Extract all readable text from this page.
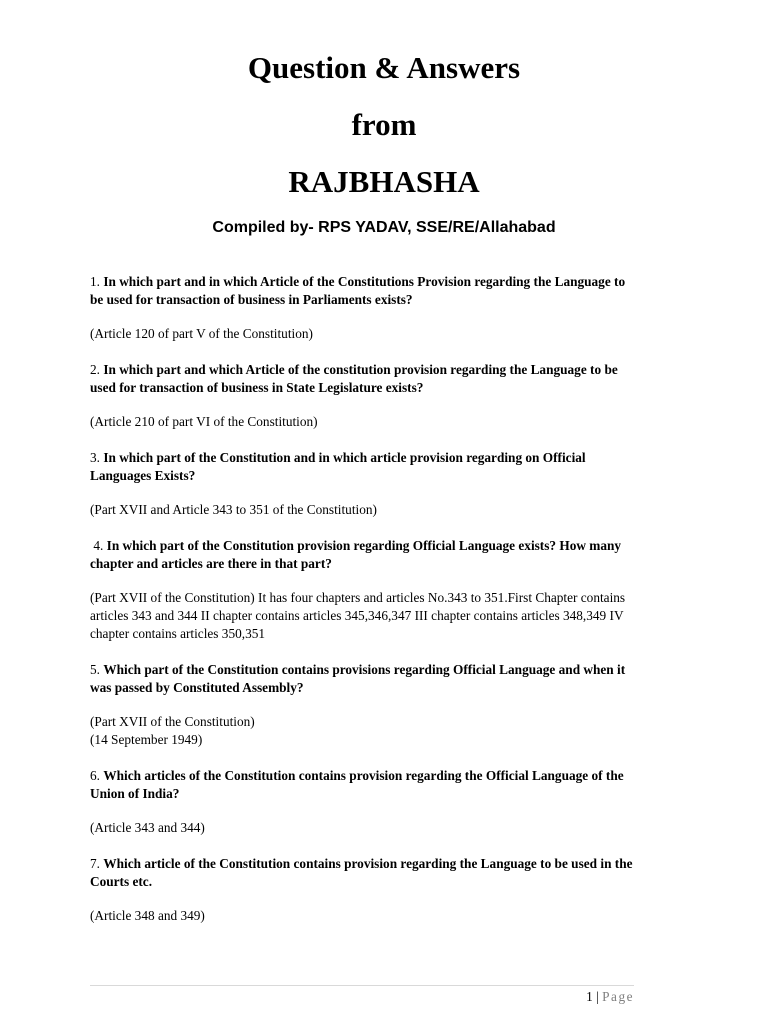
Question & Answers
from
RAJBHASHA

Compiled by- RPS YADAV, SSE/RE/Allahabad

1. In which part and in which Article of the Constitutions Provision regarding the Language to be used for transaction of business in Parliaments exists?

(Article 120 of part V of the Constitution)

2. In which part and which Article of the constitution provision regarding the Language to be used for transaction of business in State Legislature exists?

(Article 210 of part VI of the Constitution)

3. In which part of the Constitution and in which article provision regarding on Official Languages Exists?

(Part XVII and Article 343 to 351 of the Constitution)

4. In which part of the Constitution provision regarding Official Language exists? How many chapter and articles are there in that part?

(Part XVII of the Constitution) It has four chapters and articles No.343 to 351.First Chapter contains articles 343 and 344 II chapter contains articles 345,346,347 III chapter contains articles 348,349 IV chapter contains articles 350,351

5. Which part of the Constitution contains provisions regarding Official Language and when it was passed by Constituted Assembly?

(Part XVII of the Constitution)
(14 September 1949)

6. Which articles of the Constitution contains provision regarding the Official Language of the Union of India?

(Article 343 and 344)

7. Which article of the Constitution contains provision regarding the Language to be used in the Courts etc.

(Article 348 and 349)

1 | Page
